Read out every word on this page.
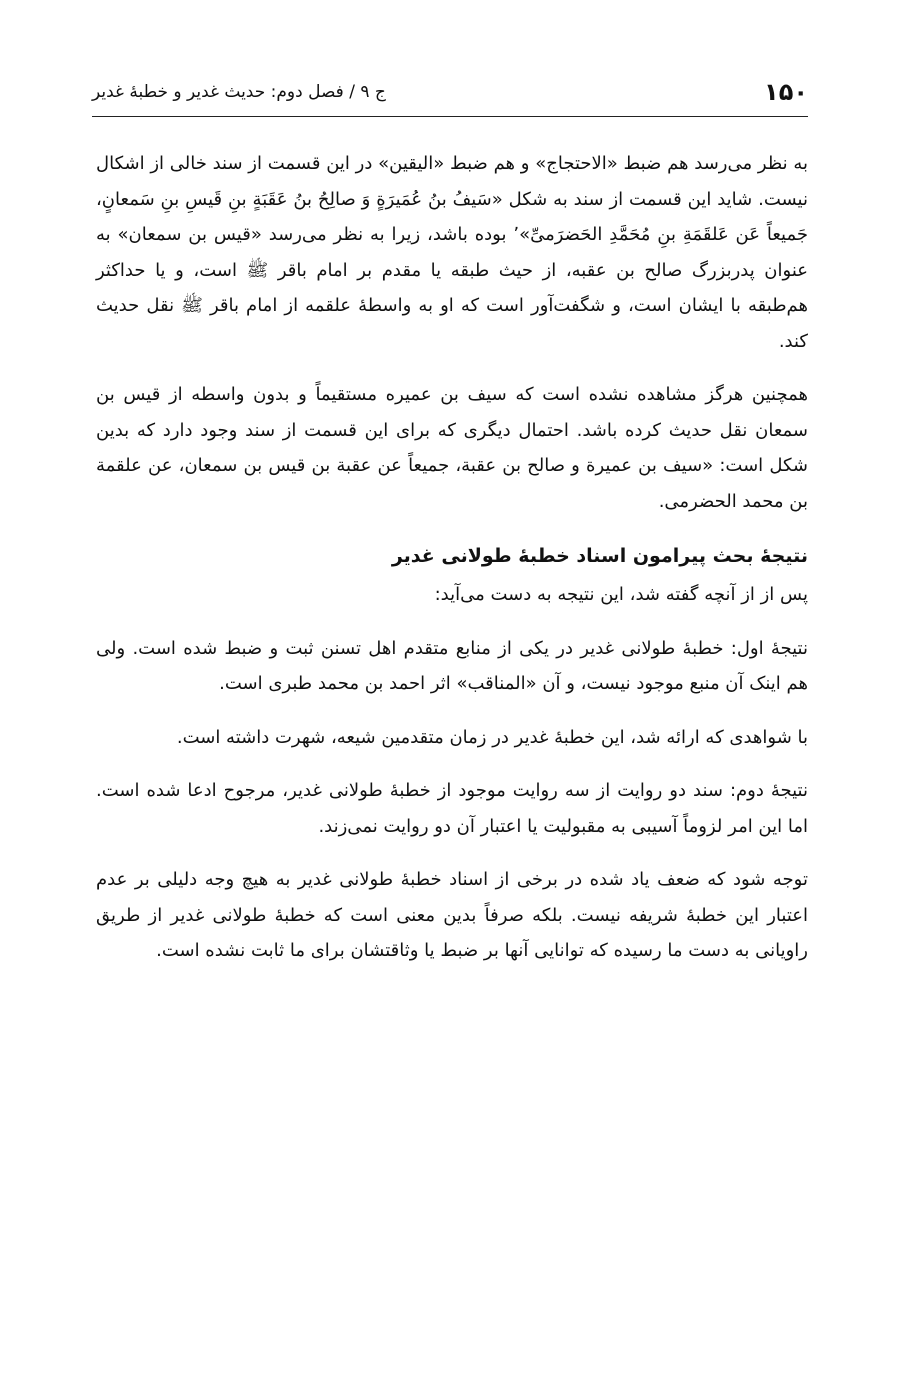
۱۵۰
ج ۹ / فصل دوم: حدیث غدیر و خطبهٔ غدیر

به نظر می‌رسد هم ضبط «الاحتجاج» و هم ضبط «الیقین» در این قسمت از سند خالی از اشکال نیست. شاید این قسمت از سند به شکل «سَیفُ بنُ عُمَیرَةٍ وَ صالِحُ بنُ عَقَبَةٍ بنِ قَیسِ بنِ سَمعانٍ، جَمیعاً عَن عَلقَمَةِ بنِ مُحَمَّدِ الحَضرَمیِّ»٬ بوده باشد، زیرا به نظر می‌رسد «قیس بن سمعان» به عنوان پدربزرگ صالح بن عقبه، از حیث طبقه یا مقدم بر امام باقر ﷺ است، و یا حداکثر هم‌طبقه با ایشان است، و شگفت‌آور است که او به واسطهٔ علقمه از امام باقر ﷺ نقل حدیث کند.

همچنین هرگز مشاهده نشده است که سیف بن عمیره مستقیماً و بدون واسطه از قیس بن سمعان نقل حدیث کرده باشد. احتمال دیگری که برای این قسمت از سند وجود دارد که بدین شکل است: «سیف بن عمیرة و صالح بن عقبة، جمیعاً عن عقبة بن قیس بن سمعان، عن علقمة بن محمد الحضرمی.

نتیجهٔ بحث پیرامون اسناد خطبهٔ طولانی غدیر

پس از از آنچه گفته شد، این نتیجه به دست می‌آید:

نتیجهٔ اول: خطبهٔ طولانی غدیر در یکی از منابع متقدم اهل تسنن ثبت و ضبط شده است. ولی هم اینک آن منبع موجود نیست، و آن «المناقب» اثر احمد بن محمد طبری است.

با شواهدی که ارائه شد، این خطبهٔ غدیر در زمان متقدمین شیعه، شهرت داشته است.

نتیجهٔ دوم: سند دو روایت از سه روایت موجود از خطبهٔ طولانی غدیر، مرجوح ادعا شده است. اما این امر لزوماً آسیبی به مقبولیت یا اعتبار آن دو روایت نمی‌زند.

توجه شود که ضعف یاد شده در برخی از اسناد خطبهٔ طولانی غدیر به هیچ وجه دلیلی بر عدم اعتبار این خطبهٔ شریفه نیست. بلکه صرفاً بدین معنی است که خطبهٔ طولانی غدیر از طریق راویانی به دست ما رسیده که توانایی آنها بر ضبط یا وثاقتشان برای ما ثابت نشده است.
